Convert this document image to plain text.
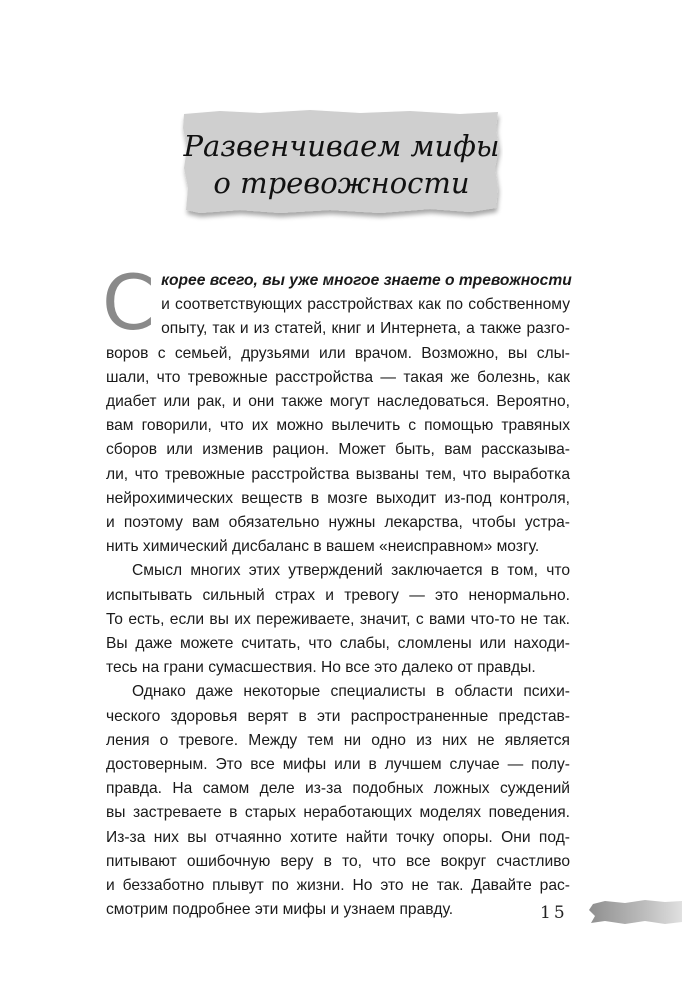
Развенчиваем мифы
о тревожности

С корее всего, вы уже многое знаете о тревожности
и соответствующих расстройствах как по собственному
опыту, так и из статей, книг и Интернета, а также разго-
воров с семьей, друзьями или врачом. Возможно, вы слы-
шали, что тревожные расстройства — такая же болезнь, как
диабет или рак, и они также могут наследоваться. Вероятно,
вам говорили, что их можно вылечить с помощью травяных
сборов или изменив рацион. Может быть, вам рассказыва-
ли, что тревожные расстройства вызваны тем, что выработка
нейрохимических веществ в мозге выходит из-под контроля,
и поэтому вам обязательно нужны лекарства, чтобы устра-
нить химический дисбаланс в вашем «неисправном» мозгу.

Смысл многих этих утверждений заключается в том, что
испытывать сильный страх и тревогу — это ненормально.
То есть, если вы их переживаете, значит, с вами что-то не так.
Вы даже можете считать, что слабы, сломлены или находи-
тесь на грани сумасшествия. Но все это далеко от правды.

Однако даже некоторые специалисты в области психи-
ческого здоровья верят в эти распространенные представ-
ления о тревоге. Между тем ни одно из них не является
достоверным. Это все мифы или в лучшем случае — полу-
правда. На самом деле из-за подобных ложных суждений
вы застреваете в старых неработающих моделях поведения.
Из-за них вы отчаянно хотите найти точку опоры. Они под-
питывают ошибочную веру в то, что все вокруг счастливо
и беззаботно плывут по жизни. Но это не так. Давайте рас-
смотрим подробнее эти мифы и узнаем правду.	15
